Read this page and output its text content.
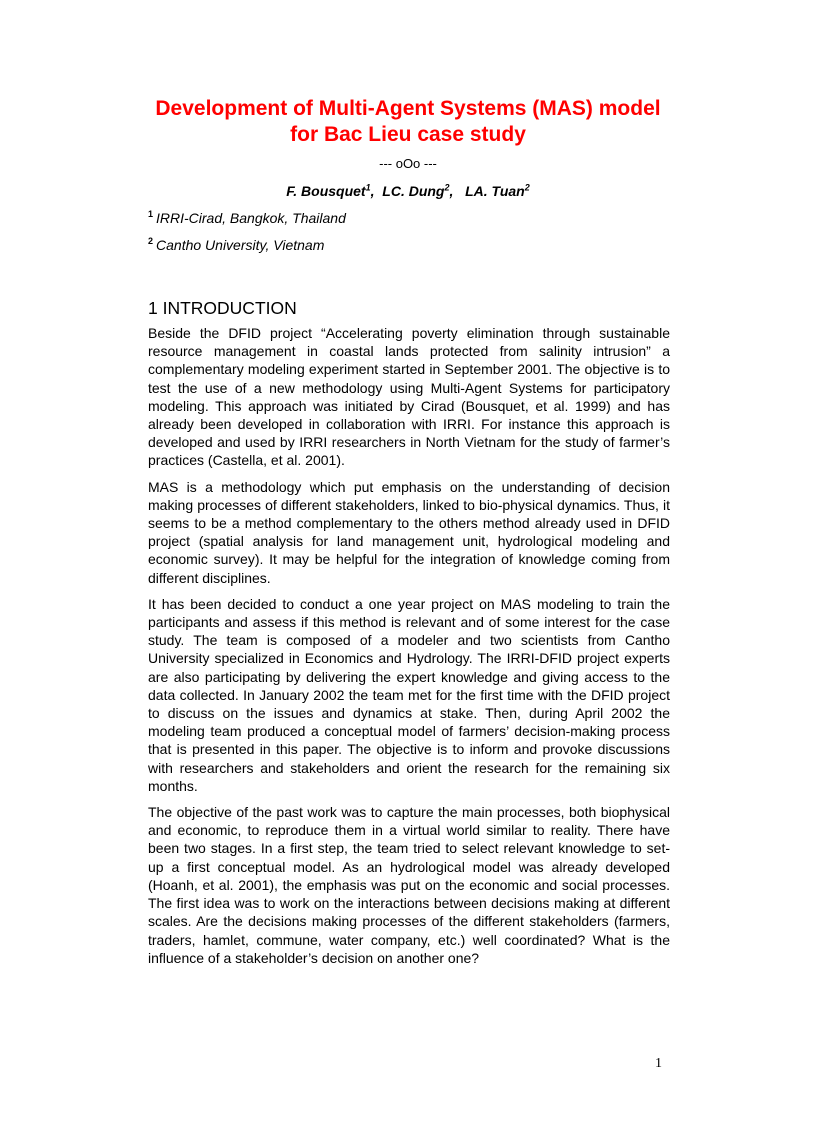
Development of Multi-Agent Systems (MAS) model
for Bac Lieu case study
--- oOo ---
F. Bousquet$^1$,  LC. Dung$^2$,   LA. Tuan$^2$
$^1$ IRRI-Cirad, Bangkok, Thailand
$^2$ Cantho University, Vietnam
1 INTRODUCTION

Beside the DFID project “Accelerating poverty elimination through sustainable resource management in coastal lands protected from salinity intrusion” a complementary modeling experiment started in September 2001. The objective is to test the use of a new methodology using Multi-Agent Systems for participatory modeling. This approach was initiated by Cirad (Bousquet, et al. 1999) and has already been developed in collaboration with IRRI. For instance this approach is developed and used by IRRI researchers in North Vietnam for the study of farmer’s practices (Castella, et al. 2001).

MAS is a methodology which put emphasis on the understanding of decision making processes of different stakeholders, linked to bio-physical dynamics. Thus, it seems to be a method complementary to the others method already used in DFID project (spatial analysis for land management unit, hydrological modeling and economic survey). It may be helpful for the integration of knowledge coming from different disciplines.

It has been decided to conduct a one year project on MAS modeling to train the participants and assess if this method is relevant and of some interest for the case study. The team is composed of a modeler and two scientists from Cantho University specialized in Economics and Hydrology. The IRRI-DFID project experts are also participating by delivering the expert knowledge and giving access to the data collected. In January 2002 the team met for the first time with the DFID project to discuss on the issues and dynamics at stake. Then, during April 2002 the modeling team produced a conceptual model of farmers’ decision-making process that is presented in this paper. The objective is to inform and provoke discussions with researchers and stakeholders and orient the research for the remaining six months.

The objective of the past work was to capture the main processes, both biophysical and economic, to reproduce them in a virtual world similar to reality. There have been two stages. In a first step, the team tried to select relevant knowledge to set-up a first conceptual model. As an hydrological model was already developed (Hoanh, et al. 2001), the emphasis was put on the economic and social processes. The first idea was to work on the interactions between decisions making at different scales. Are the decisions making processes of the different stakeholders (farmers, traders, hamlet, commune, water company, etc.) well coordinated? What is the influence of a stakeholder’s decision on another one?

1
